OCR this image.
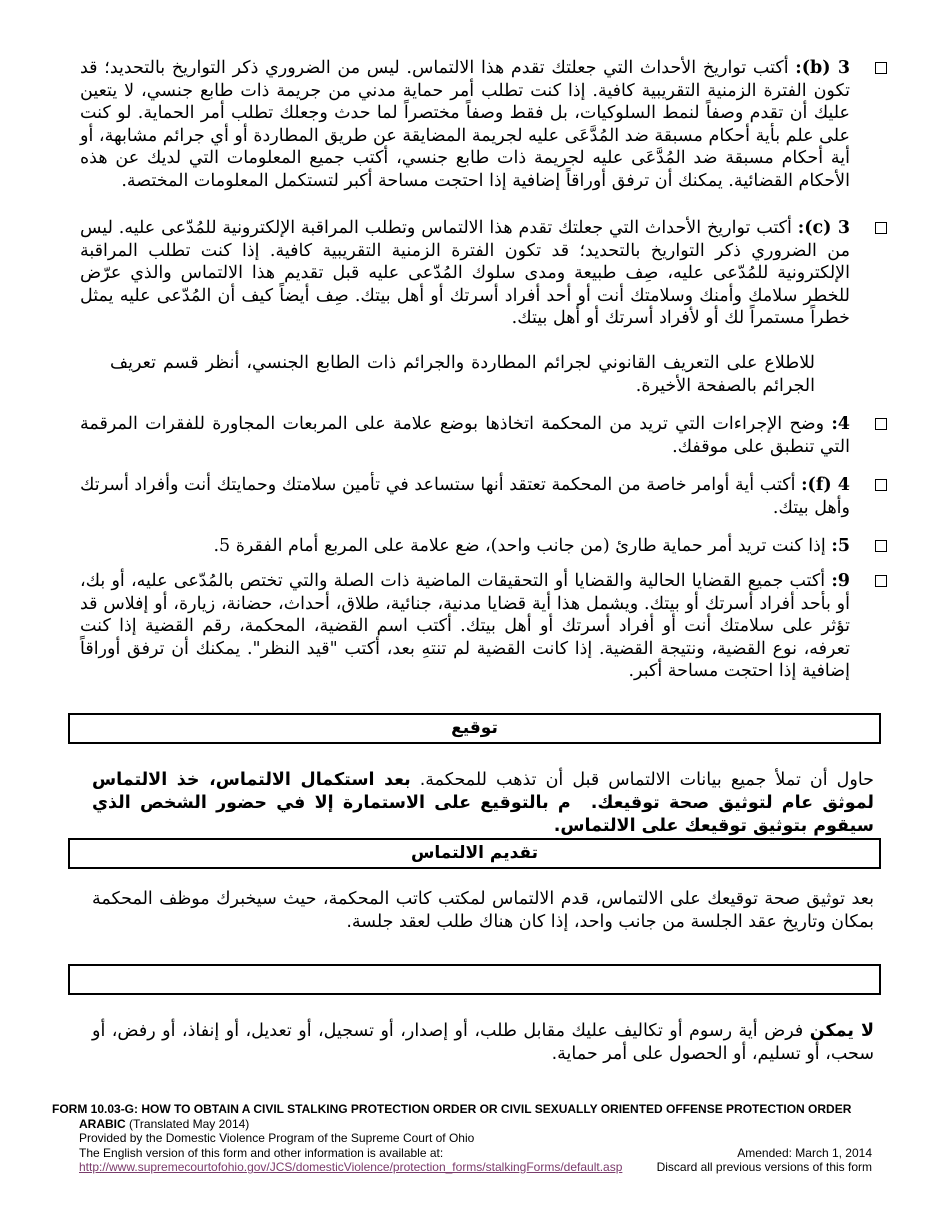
3 (b): أكتب تواريخ الأحداث التي جعلتك تقدم هذا الالتماس. ليس من الضروري ذكر التواريخ بالتحديد؛ قد تكون الفترة الزمنية التقريبية كافية. إذا كنت تطلب أمر حماية مدني من جريمة ذات طابع جنسي، لا يتعين عليك أن تقدم وصفاً لنمط السلوكيات، بل فقط وصفاً مختصراً لما حدث وجعلك تطلب أمر الحماية. لو كنت على علم بأية أحكام مسبقة ضد المُدَّعَى عليه لجريمة المضايقة عن طريق المطاردة أو أي جرائم مشابهة، أو أية أحكام مسبقة ضد المُدَّعَى عليه لجريمة ذات طابع جنسي، أكتب جميع المعلومات التي لديك عن هذه الأحكام القضائية. يمكنك أن ترفق أوراقاً إضافية إذا احتجت مساحة أكبر لتستكمل المعلومات المختصة.

3 (c): أكتب تواريخ الأحداث التي جعلتك تقدم هذا الالتماس وتطلب المراقبة الإلكترونية للمُدّعى عليه. ليس من الضروري ذكر التواريخ بالتحديد؛ قد تكون الفترة الزمنية التقريبية كافية. إذا كنت تطلب المراقبة الإلكترونية للمُدّعى عليه، صِف طبيعة ومدى سلوك المُدّعى عليه قبل تقديم هذا الالتماس والذي عرّض للخطر سلامك وأمنك وسلامتك أنت أو أحد أفراد أسرتك أو أهل بيتك. صِف أيضاً كيف أن المُدّعى عليه يمثل خطراً مستمراً لك أو لأفراد أسرتك أو أهل بيتك.

للاطلاع على التعريف القانوني لجرائم المطاردة والجرائم ذات الطابع الجنسي، أنظر قسم تعريف الجرائم بالصفحة الأخيرة.

4: وضح الإجراءات التي تريد من المحكمة اتخاذها بوضع علامة على المربعات المجاورة للفقرات المرقمة التي تنطبق على موقفك.

4 (f): أكتب أية أوامر خاصة من المحكمة تعتقد أنها ستساعد في تأمين سلامتك وحمايتك أنت وأفراد أسرتك وأهل بيتك.

5: إذا كنت تريد أمر حماية طارئ (من جانب واحد)، ضع علامة على المربع أمام الفقرة 5.

9: أكتب جميع القضايا الحالية والقضايا أو التحقيقات الماضية ذات الصلة والتي تختص بالمُدّعى عليه، أو بك، أو بأحد أفراد أسرتك أو بيتك. ويشمل هذا أية قضايا مدنية، جنائية، طلاق، أحداث، حضانة، زيارة، أو إفلاس قد تؤثر على سلامتك أنت أو أفراد أسرتك أو أهل بيتك. أكتب اسم القضية، المحكمة، رقم القضية إذا كنت تعرفه، نوع القضية، ونتيجة القضية. إذا كانت القضية لم تنتهِ بعد، أكتب "قيد النظر". يمكنك أن ترفق أوراقاً إضافية إذا احتجت مساحة أكبر.

توقيع

حاول أن تملأ جميع بيانات الالتماس قبل أن تذهب للمحكمة. بعد استكمال الالتماس، خذ الالتماس لموثق عام لتوثيق صحة توقيعك.م بالتوقيع على الاستمارة إلا في حضور الشخص الذي سيقوم بتوثيق توقيعك على الالتماس.

تقديم الالتماس

بعد توثيق صحة توقيعك على الالتماس، قدم الالتماس لمكتب كاتب المحكمة، حيث سيخبرك موظف المحكمة بمكان وتاريخ عقد الجلسة من جانب واحد، إذا كان هناك طلب لعقد جلسة.

لا يمكن فرض أية رسوم أو تكاليف عليك مقابل طلب، أو إصدار، أو تسجيل، أو تعديل، أو إنفاذ، أو رفض، أو سحب، أو تسليم، أو الحصول على أمر حماية.

FORM 10.03-G: HOW TO OBTAIN A CIVIL STALKING PROTECTION ORDER OR CIVIL SEXUALLY ORIENTED OFFENSE PROTECTION ORDER
ARABIC (Translated May 2014)
Provided by the Domestic Violence Program of the Supreme Court of Ohio
The English version of this form and other information is available at:	Amended: March 1, 2014
http://www.supremecourtofohio.gov/JCS/domesticViolence/protection_forms/stalkingForms/default.asp	Discard all previous versions of this form
